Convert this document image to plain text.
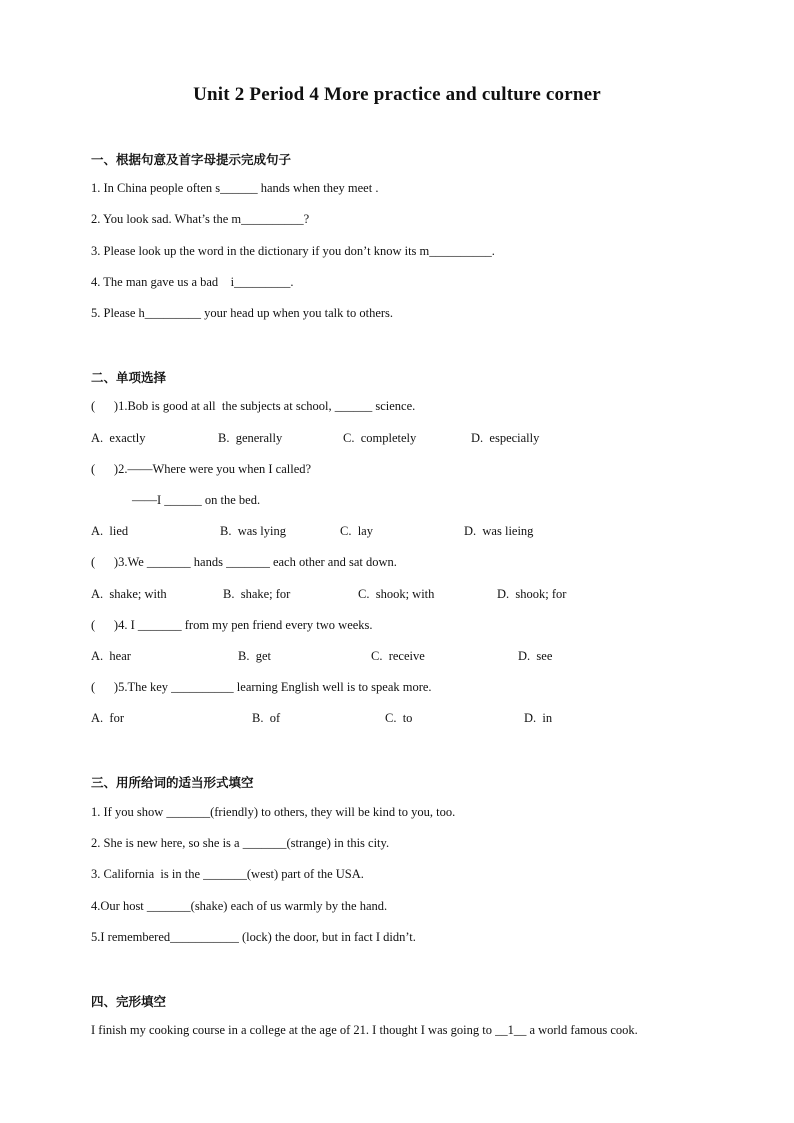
Unit 2 Period 4 More practice and culture corner
一、根据句意及首字母提示完成句子
1. In China people often s______ hands when they meet .
2. You look sad. What’s the m__________?
3. Please look up the word in the dictionary if you don’t know its m__________.
4. The man gave us a bad    i_________.
5. Please h_________ your head up when you talk to others.
二、单项选择
(      )1.Bob is good at all  the subjects at school, ______ science.
A.  exactly	B.  generally	C.  completely	D.  especially
(      )2.——Where were you when I called?
——I ______ on the bed.
A.  lied	B.  was lying	C.  lay	D.  was lieing
(      )3.We _______ hands _______ each other and sat down.
A.  shake; with	B.  shake; for	C.  shook; with	D.  shook; for
(      )4. I _______ from my pen friend every two weeks.
A.  hear	B.  get	C.  receive	D.  see
(      )5.The key __________ learning English well is to speak more.
A.  for	B.  of	C.  to	D.  in
三、用所给词的适当形式填空
1. If you show _______(friendly) to others, they will be kind to you, too.
2. She is new here, so she is a _______(strange) in this city.
3. California  is in the _______(west) part of the USA.
4.Our host _______(shake) each of us warmly by the hand.
5.I remembered___________ (lock) the door, but in fact I didn’t.
四、完形填空
I finish my cooking course in a college at the age of 21. I thought I was going to __1__ a world famous cook.
